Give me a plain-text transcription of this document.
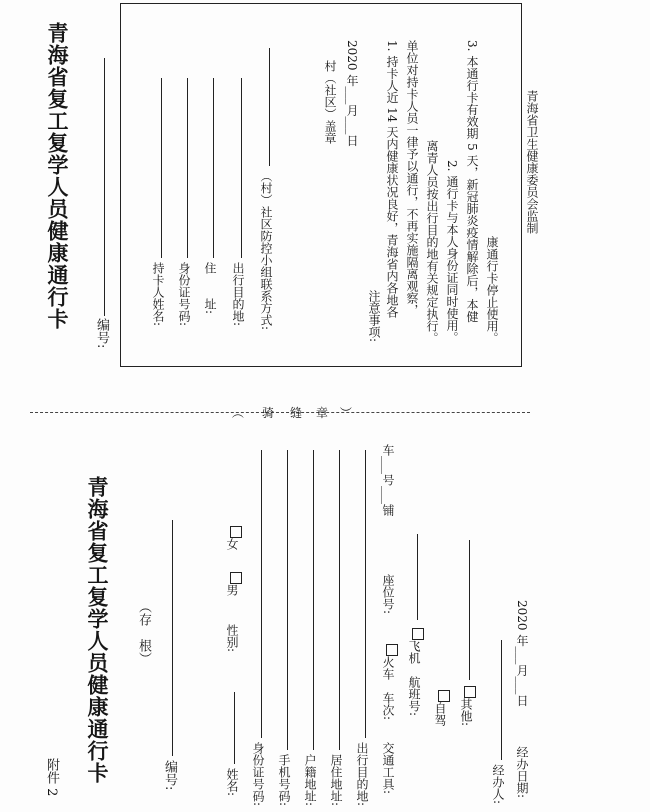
青海省复工复学人员健康通行卡
编号:
持卡人姓名: 身份证号码: 住　　址: 出行目的地: （村）社区防控小组联系方式:
村（社区）盖章 2020 年___月___日
注意事项: 1. 持卡人近 14 天内健康状况良好，青海省内各地各 单位对持卡人员一律予以通行，不再实施隔离观察， 离青人员按出行目的地有关规定执行。 2. 通行卡与本人身份证同时使用。 3. 本通行卡有效期 5 天，新冠肺炎疫情解除后，本健 康通行卡停止使用。
青海省卫生健康委员会监制
（ 骑 缝 章 ）
附件 2 青海省复工复学人员健康通行卡 （存　根）
编号:	姓名:
性别:
男
女
身份证号码: 手机号码: 户籍地址: 居住地址: 出行目的地: 交通工具:
火车　车次:
座位号:
车___号___铺
飞机　航班号:	自驾	其他:
经办人: 经办日期:
2020 年___月___日
